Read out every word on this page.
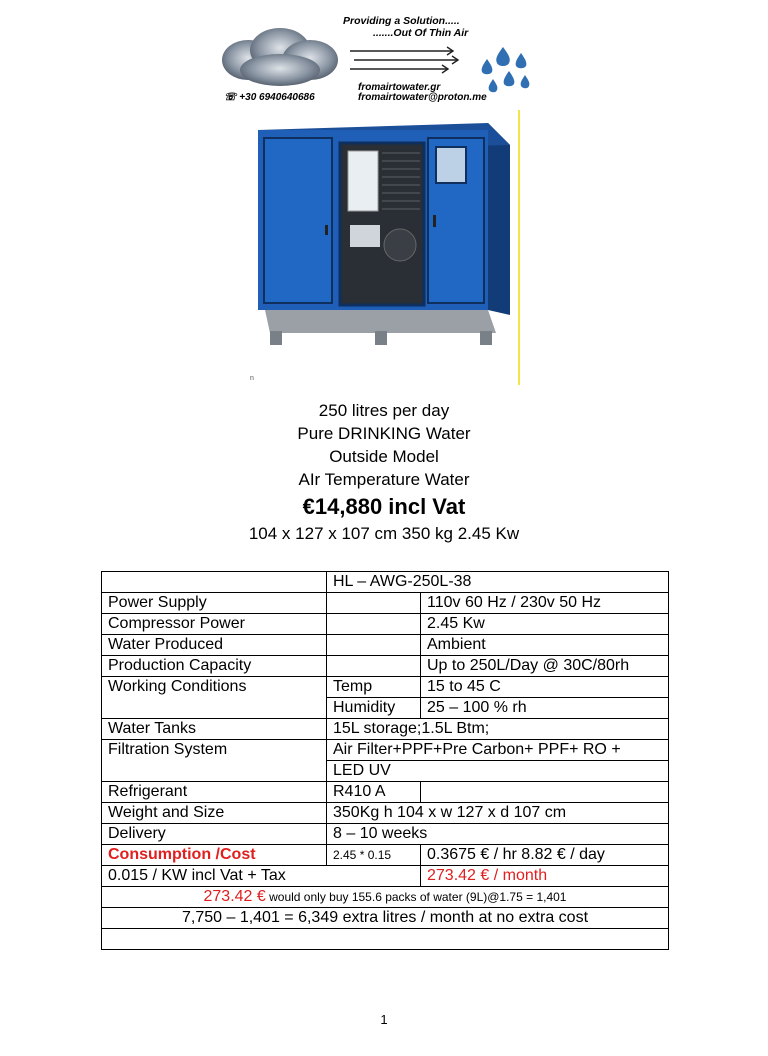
Providing a Solution.....
.......Out Of Thin Air
fromairtowater.gr
☏ +30 6940640686	fromairtowater@proton.me
n
250 litres per day
Pure DRINKING Water
Outside Model
AIr Temperature Water
€14,880 incl Vat
104 x 127 x 107 cm 350 kg 2.45 Kw
	HL – AWG-250L-38	
Power Supply		110v 60 Hz / 230v 50 Hz
Compressor Power		2.45 Kw
Water Produced		Ambient
Production Capacity		Up to 250L/Day @ 30C/80rh
Working Conditions	Temp	15 to 45 C
	Humidity	25 – 100 % rh
Water Tanks	15L storage;1.5L Btm;	
Filtration System	Air Filter+PPF+Pre Carbon+ PPF+ RO +	
	LED UV	
Refrigerant	R410 A	
Weight and Size	350Kg h 104 x w 127 x d 107 cm	
Delivery	8 – 10 weeks	
Consumption /Cost	2.45 * 0.15	0.3675 € / hr 8.82 € / day
0.015 / KW incl Vat + Tax		273.42 € / month
273.42 € would only buy 155.6 packs of water (9L)@1.75 = 1,401		
7,750 – 1,401 = 6,349 extra litres / month at no extra cost		

1
